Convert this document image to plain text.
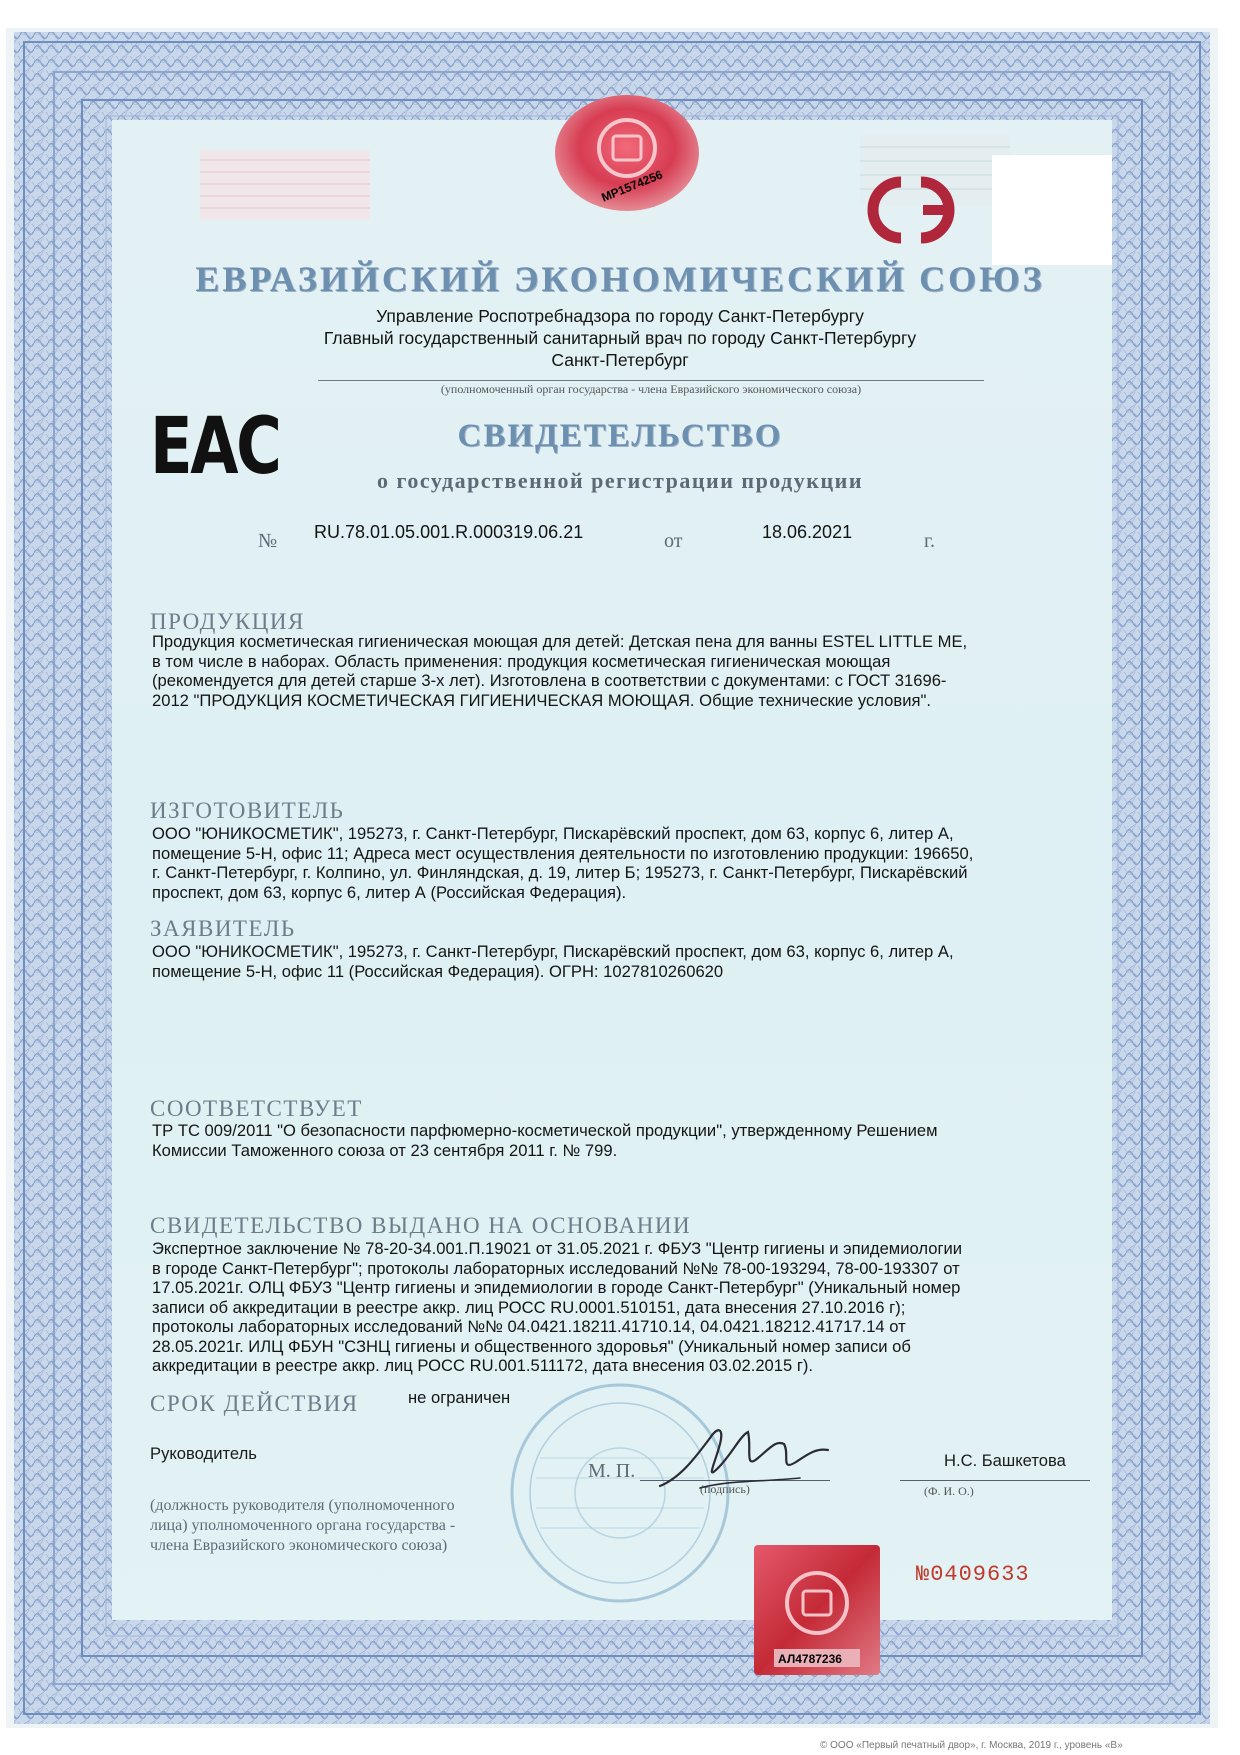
MP1574256
ЕВРАЗИЙСКИЙ ЭКОНОМИЧЕСКИЙ СОЮЗ
Управление Роспотребнадзора по городу Санкт-Петербургу
Главный государственный санитарный врач по городу Санкт-Петербургу
Санкт-Петербург
(уполномоченный орган государства - члена Евразийского экономического союза)
EAC	СВИДЕТЕЛЬСТВО
о государственной регистрации продукции
№ RU.78.01.05.001.R.000319.06.21	от	18.06.2021	г.
ПРОДУКЦИЯ
Продукция косметическая гигиеническая моющая для детей: Детская пена для ванны ESTEL LITTLE ME,
в том числе в наборах. Область применения: продукция косметическая гигиеническая моющая
(рекомендуется для детей старше 3-х лет). Изготовлена в соответствии с документами: с ГОСТ 31696-
2012 "ПРОДУКЦИЯ КОСМЕТИЧЕСКАЯ ГИГИЕНИЧЕСКАЯ МОЮЩАЯ. Общие технические условия".
ИЗГОТОВИТЕЛЬ
ООО "ЮНИКОСМЕТИК", 195273, г. Санкт-Петербург, Пискарёвский проспект, дом 63, корпус 6, литер А,
помещение 5-Н, офис 11; Адреса мест осуществления деятельности по изготовлению продукции: 196650,
г. Санкт-Петербург, г. Колпино, ул. Финляндская, д. 19, литер Б; 195273, г. Санкт-Петербург, Пискарёвский
проспект, дом 63, корпус 6, литер А (Российская Федерация).
ЗАЯВИТЕЛЬ
ООО "ЮНИКОСМЕТИК", 195273, г. Санкт-Петербург, Пискарёвский проспект, дом 63, корпус 6, литер А,
помещение 5-Н, офис 11 (Российская Федерация). ОГРН: 1027810260620
СООТВЕТСТВУЕТ
ТР ТС 009/2011 "О безопасности парфюмерно-косметической продукции", утвержденному Решением
Комиссии Таможенного союза от 23 сентября 2011 г. № 799.
СВИДЕТЕЛЬСТВО ВЫДАНО НА ОСНОВАНИИ
Экспертное заключение № 78-20-34.001.П.19021 от 31.05.2021 г. ФБУЗ "Центр гигиены и эпидемиологии
в городе Санкт-Петербург"; протоколы лабораторных исследований №№ 78-00-193294, 78-00-193307 от
17.05.2021г. ОЛЦ ФБУЗ "Центр гигиены и эпидемиологии в городе Санкт-Петербург" (Уникальный номер
записи об аккредитации в реестре аккр. лиц РОСС RU.0001.510151, дата внесения 27.10.2016 г);
протоколы лабораторных исследований №№ 04.0421.18211.41710.14, 04.0421.18212.41717.14 от
28.05.2021г. ИЛЦ ФБУН "СЗНЦ гигиены и общественного здоровья" (Уникальный номер записи об
аккредитации в реестре аккр. лиц РОСС RU.001.511172, дата внесения 03.02.2015 г).
СРОК ДЕЙСТВИЯ	не ограничен
Руководитель
М. П.
(подпись)
Н.С. Башкетова
(Ф. И. О.)
(должность руководителя (уполномоченного
лица) уполномоченного органа государства -
члена Евразийского экономического союза)
АЛ4787236
№0409633
© ООО «Первый печатный двор», г. Москва, 2019 г., уровень «В»
